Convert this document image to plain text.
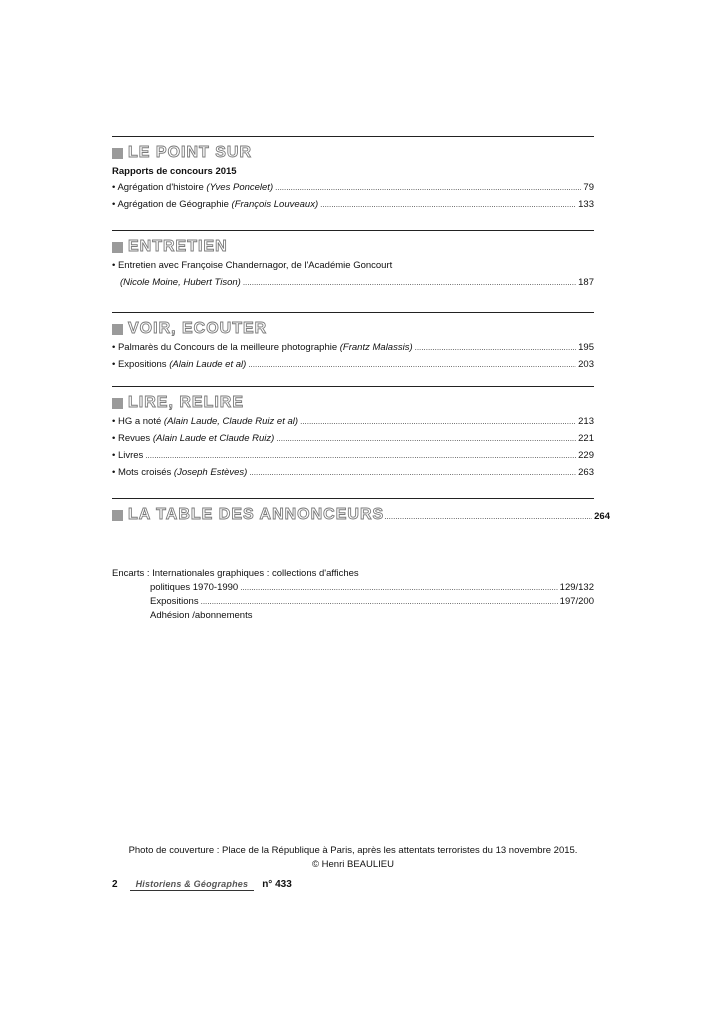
LE POINT SUR
Rapports de concours 2015
• Agrégation d'histoire (Yves Poncelet) .....	79
• Agrégation de Géographie (François Louveaux) .....	133
ENTRETIEN
• Entretien avec Françoise Chandernagor, de l'Académie Goncourt
(Nicole Moine, Hubert Tison) .....	187
VOIR, ECOUTER
• Palmarès du Concours de la meilleure photographie (Frantz Malassis) .....	195
• Expositions (Alain Laude et al) .....	203
LIRE, RELIRE
• HG a noté (Alain Laude, Claude Ruiz et al) .....	213
• Revues (Alain Laude et Claude Ruiz) .....	221
• Livres .....	229
• Mots croisés (Joseph Estèves) .....	263
LA TABLE DES ANNONCEURS .....	264
Encarts : Internationales graphiques : collections d'affiches
politiques 1970-1990 .....	129/132
Expositions .....	197/200
Adhésion /abonnements
Photo de couverture : Place de la République à Paris, après les attentats terroristes du 13 novembre 2015.
© Henri BEAULIEU
2	Historiens & Géographes	n° 433
